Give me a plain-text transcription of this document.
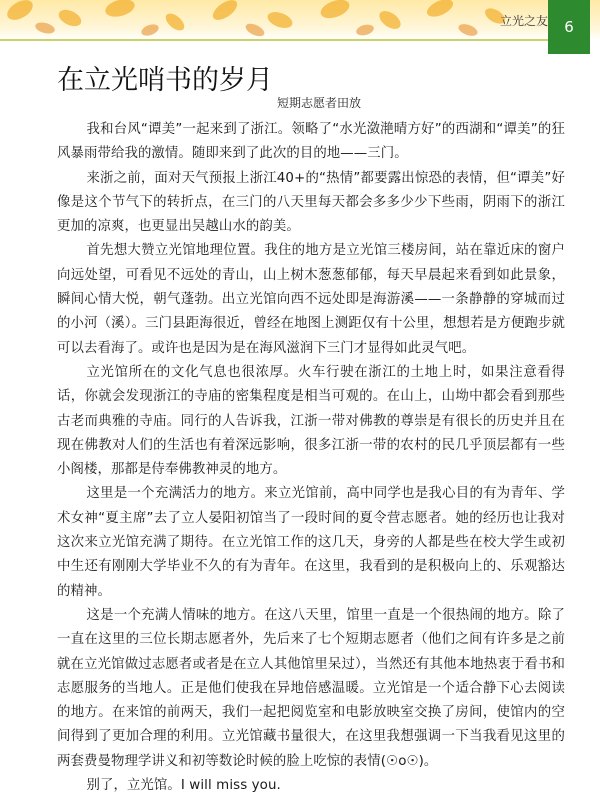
立光之友	6
在立光哨书的岁月
短期志愿者田放

我和台风“谭美”一起来到了浙江。领略了“水光潋滟晴方好”的西湖和“谭美”的狂风暴雨带给我的激情。随即来到了此次的目的地——三门。

来浙之前，面对天气预报上浙江40+的“热情”都要露出惊恐的表情，但“谭美”好像是这个节气下的转折点，在三门的八天里每天都会多多少少下些雨，阴雨下的浙江更加的凉爽，也更显出吴越山水的韵美。

首先想大赞立光馆地理位置。我住的地方是立光馆三楼房间，站在靠近床的窗户向远处望，可看见不远处的青山，山上树木葱葱郁郁，每天早晨起来看到如此景象，瞬间心情大悦，朝气蓬勃。出立光馆向西不远处即是海游溪——一条静静的穿城而过的小河（溪）。三门县距海很近，曾经在地图上测距仅有十公里，想想若是方便跑步就可以去看海了。或许也是因为是在海风滋润下三门才显得如此灵气吧。

立光馆所在的文化气息也很浓厚。火车行驶在浙江的土地上时，如果注意看得话，你就会发现浙江的寺庙的密集程度是相当可观的。在山上，山坳中都会看到那些古老而典雅的寺庙。同行的人告诉我，江浙一带对佛教的尊崇是有很长的历史并且在现在佛教对人们的生活也有着深远影响，很多江浙一带的农村的民几乎顶层都有一些小阁楼，那都是侍奉佛教神灵的地方。

这里是一个充满活力的地方。来立光馆前，高中同学也是我心目的有为青年、学术女神“夏主席”去了立人晏阳初馆当了一段时间的夏令营志愿者。她的经历也让我对这次来立光馆充满了期待。在立光馆工作的这几天，身旁的人都是些在校大学生或初中生还有刚刚大学毕业不久的有为青年。在这里，我看到的是积极向上的、乐观豁达的精神。

这是一个充满人情味的地方。在这八天里，馆里一直是一个很热闹的地方。除了一直在这里的三位长期志愿者外，先后来了七个短期志愿者（他们之间有许多是之前就在立光馆做过志愿者或者是在立人其他馆里呆过），当然还有其他本地热衷于看书和志愿服务的当地人。正是他们使我在异地倍感温暖。立光馆是一个适合静下心去阅读的地方。在来馆的前两天，我们一起把阅览室和电影放映室交换了房间，使馆内的空间得到了更加合理的利用。立光馆藏书量很大，在这里我想强调一下当我看见这里的两套费曼物理学讲义和初等数论时候的脸上吃惊的表情(☉o☉)。

别了，立光馆。I will miss you.
